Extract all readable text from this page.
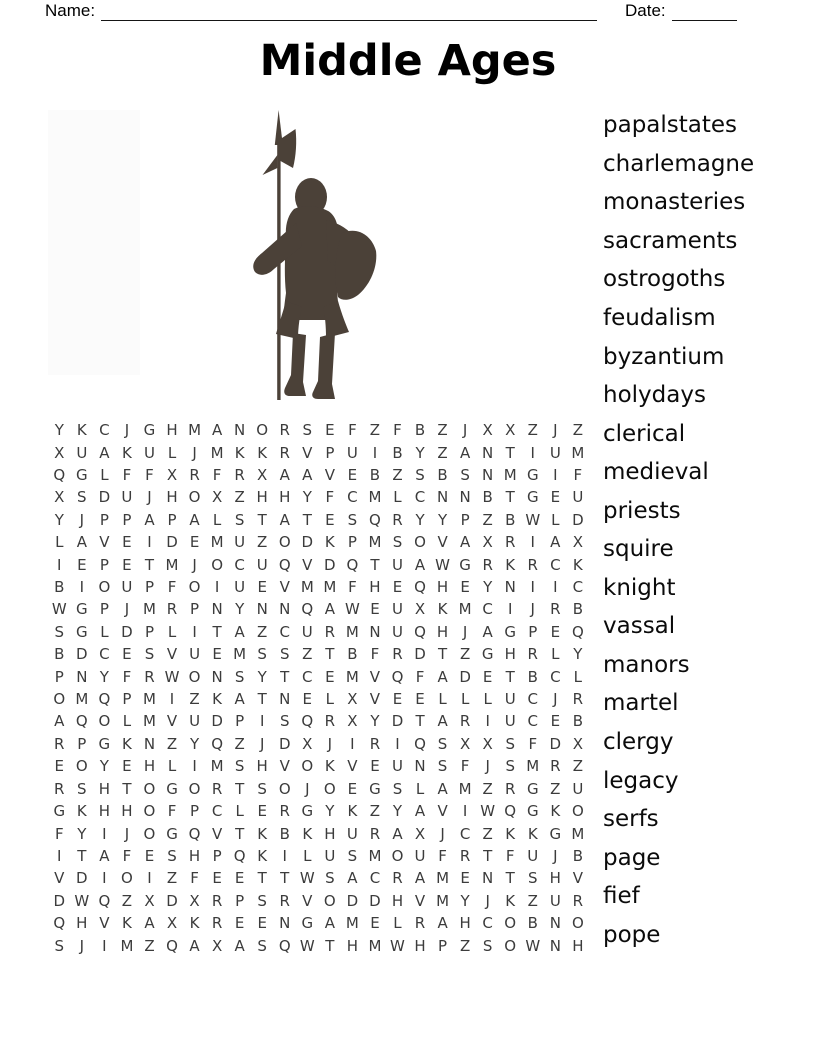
Name:	Date:
Middle Ages
papalstates
charlemagne
monasteries
sacraments
ostrogoths
feudalism
byzantium
holydays
clerical
medieval
priests
squire
knight
vassal
manors
martel
clergy
legacy
serfs
page
fief
pope
Y K C	J G H M A N O R S E F Z F B Z	J	X X Z	J	Z
X U A K U L	J M K K R V P U I	B Y Z A N T	I U M
Q G L F F X R F R X A A V E B Z S B S N M G I	F
X S D U J H O X Z H H Y F C M L C N N B T G E U
Y	J	P P A P A L S T A T E S Q R Y Y P Z B W L D
L A V E	I D E M U Z O D K P M S O V A X R	I	A X
I	E P E T M J O C U Q V D Q T U A W G R K R C K
B	I O U P F O I U E V M M F H E Q H E Y N I	I	C
W G P	J M R P N Y N N Q A W E U X K M C	I	J	R B
S G L D P L	I	T A Z C U R M N U Q H J	A G P E Q
B D C E S V U E M S S Z T B F R D T Z G H R L Y
P N Y F R W O N S Y T C E M V Q F A D E T B C L
O M Q P M I	Z K A T N E L X V E E L L L U C	J	R
A Q O L M V U D P	I	S Q R X Y D T A R	I U C E B
R P G K N Z Y Q Z	J D X	J	I	R	I Q S X X S F D X
E O Y E H L	I M S H V O K V E U N S F	J	S M R Z
R S H T O G O R T S O J O E G S L A M Z R G Z U
G K H H O F P C L E R G Y K Z Y A V	I W Q G K O
F Y	I	J O G Q V T K B K H U R A X	J	C Z K K G M
I	T A F E S H P Q K	I	L U S M O U F R T F U J	B
V D I O I	Z F E E T T W S A C R A M E N T S H V
D W Q Z X D X R P S R V O D D H V M Y	J	K Z U R
Q H V K A X K R E E N G A M E L R A H C O B N O
S	J	I M Z Q A X A S Q W T H M W H P Z S O W N H
